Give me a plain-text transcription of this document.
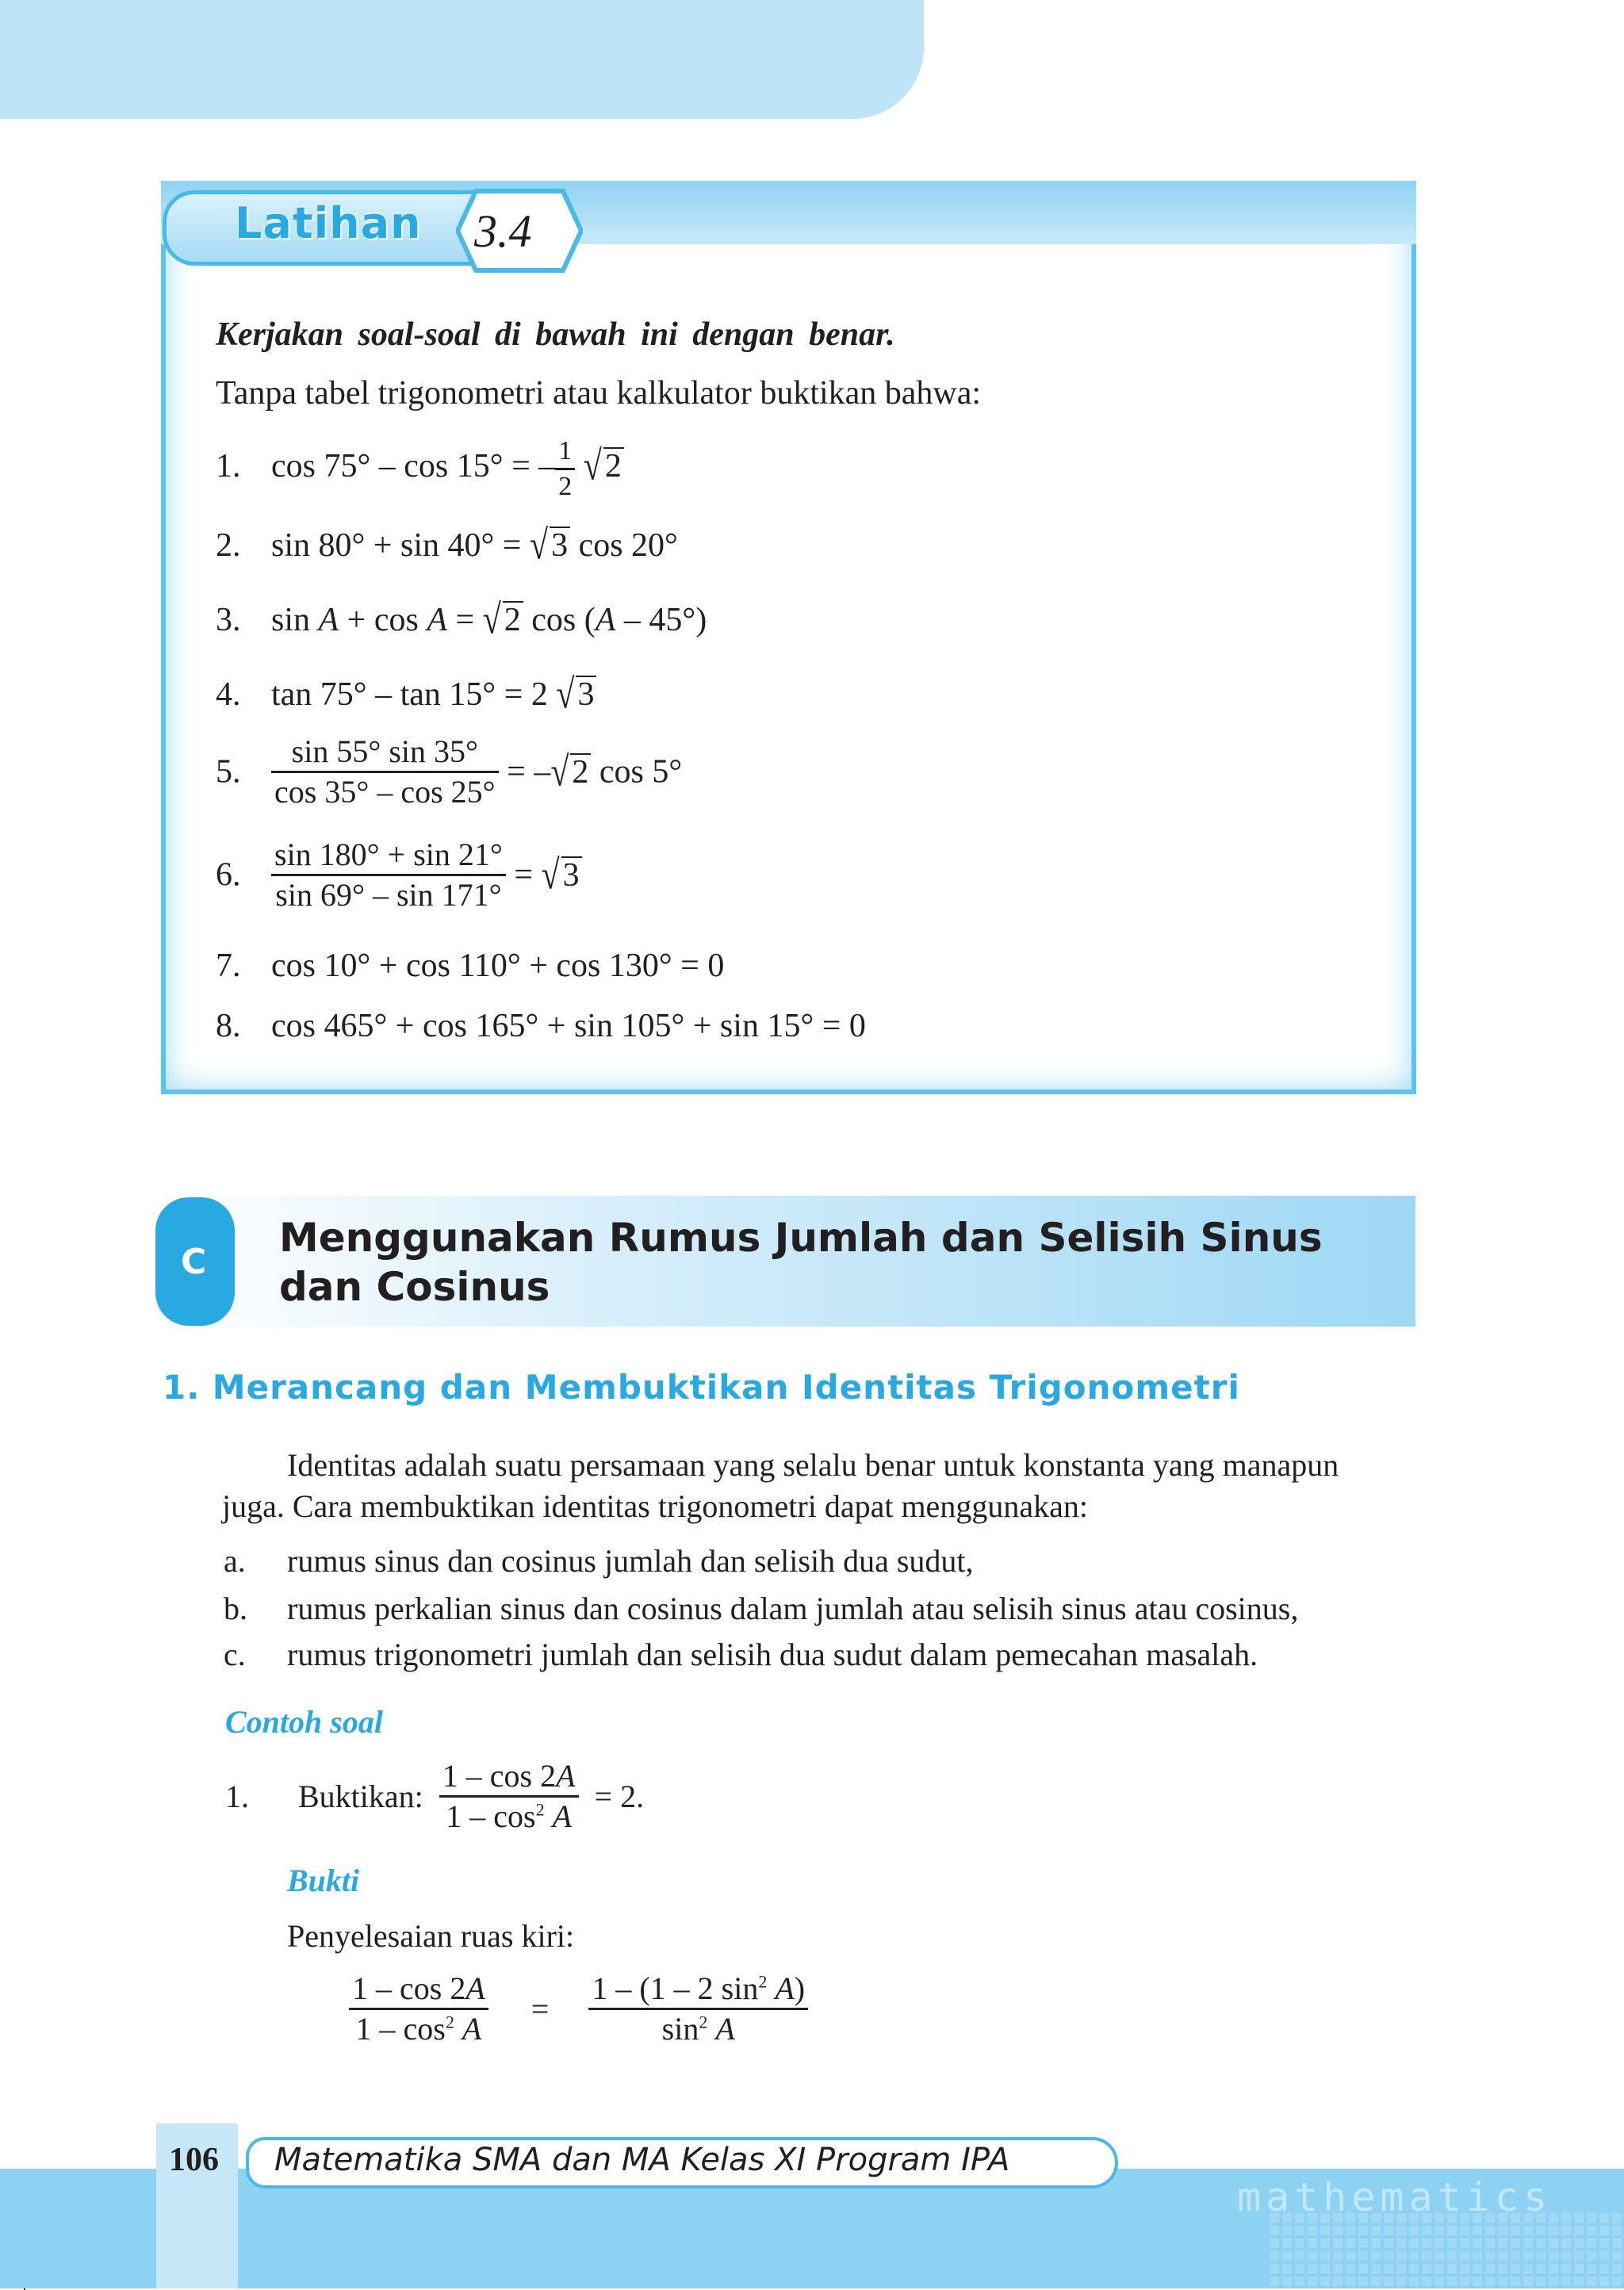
Latihan 3.4
Kerjakan soal-soal di bawah ini dengan benar.
Tanpa tabel trigonometri atau kalkulator buktikan bahwa:
1. cos 75° – cos 15° = – $\frac{1}{2} √2$
2. sin 80° + sin 40° = √3 cos 20°
3. sin A + cos A = √2 cos (A – 45°)
4. tan 75° – tan 15° = 2 √3
5. $\frac{\sin 55^\circ \sin 35^\circ}{\cos 35^\circ - \cos 25^\circ} = -√2$ cos 5°
6. $\frac{\sin 180^\circ + \sin 21^\circ}{\sin 69^\circ - \sin 171^\circ} = √3$
7. cos 10° + cos 110° + cos 130° = 0
8. cos 465° + cos 165° + sin 105° + sin 15° = 0
C
Menggunakan Rumus Jumlah dan Selisih Sinus dan Cosinus
1. Merancang dan Membuktikan Identitas Trigonometri
Identitas adalah suatu persamaan yang selalu benar untuk konstanta yang manapun
juga. Cara membuktikan identitas trigonometri dapat menggunakan:
a. rumus sinus dan cosinus jumlah dan selisih dua sudut,
b. rumus perkalian sinus dan cosinus dalam jumlah atau selisih sinus atau cosinus,
c. rumus trigonometri jumlah dan selisih dua sudut dalam pemecahan masalah.
Contoh soal
1. Buktikan: $\frac{1 - \cos 2A}{1 - \cos^2 A} = 2$.
Bukti
Penyelesaian ruas kiri:
$\frac{1 - \cos 2A}{1 - \cos^2 A} = \frac{1 - (1 - 2 \sin^2 A)}{\sin^2 A}$
106 Matematika SMA dan MA Kelas XI Program IPA
mathematics
